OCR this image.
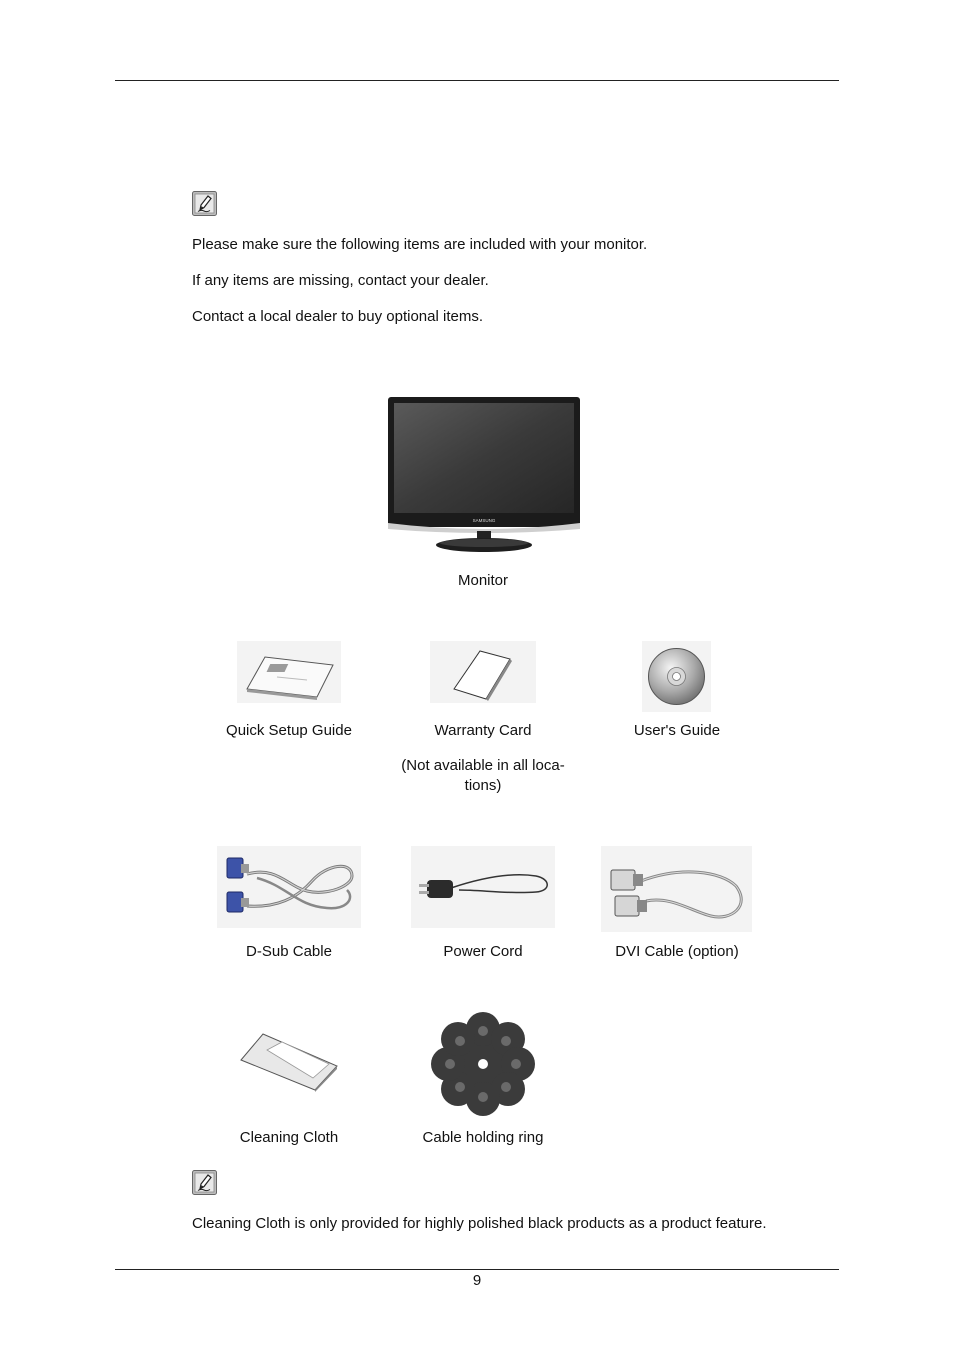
Please make sure the following items are included with your monitor.

If any items are missing, contact your dealer.

Contact a local dealer to buy optional items.

SAMSUNG
Monitor
Quick Setup Guide	Warranty Card
(Not available in all loca-
tions)
User's Guide
D-Sub Cable	Power Cord	DVI Cable (option)
Cleaning Cloth	Cable holding ring

Cleaning Cloth is only provided for highly polished black products as a product feature.

9
